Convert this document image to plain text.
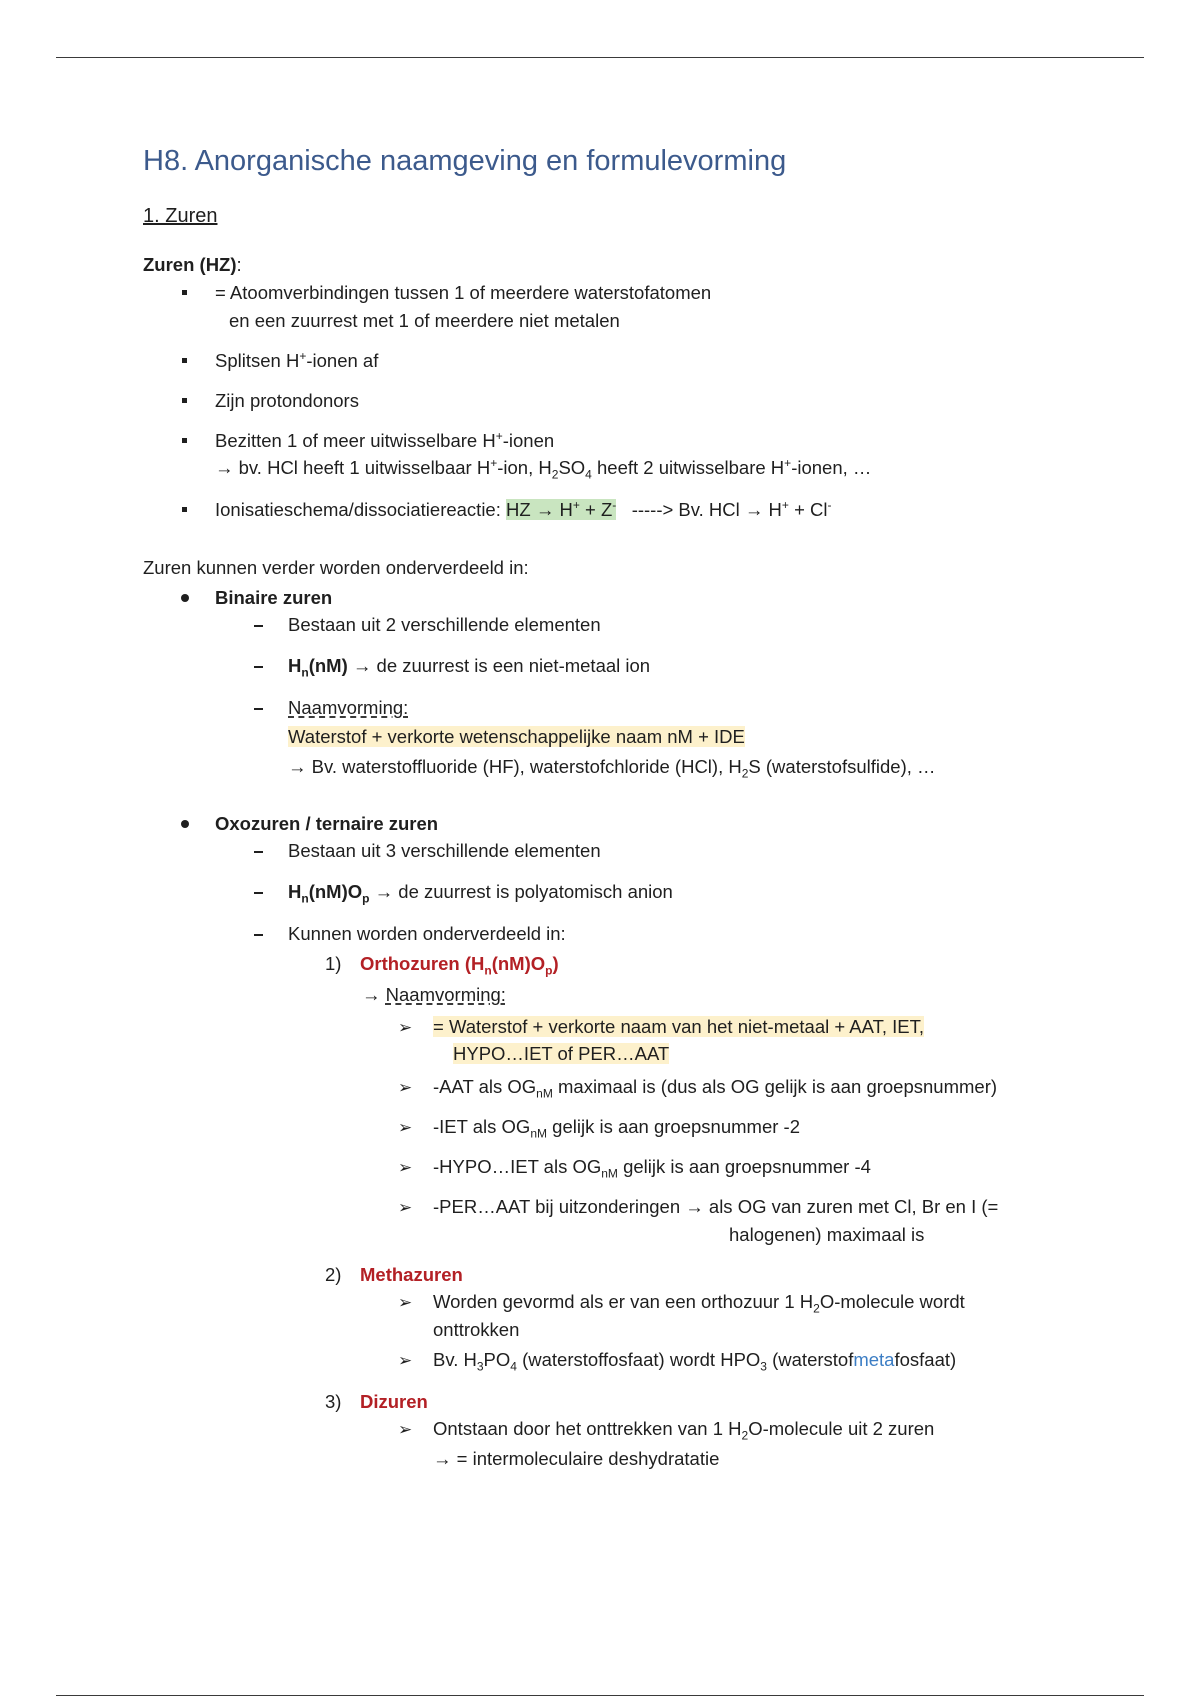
H8. Anorganische naamgeving en formulevorming
1. Zuren
Zuren (HZ):
= Atoomverbindingen tussen 1 of meerdere waterstofatomen
en een zuurrest met 1 of meerdere niet metalen
Splitsen H+-ionen af
Zijn protondonors
Bezitten 1 of meer uitwisselbare H+-ionen
→ bv. HCl heeft 1 uitwisselbaar H+-ion, $H_2SO_4$ heeft 2 uitwisselbare H+-ionen, …
Ionisatieschema/dissociatiereactie: HZ → H+ + Z- -----> Bv. HCl → H+ + Cl-
Zuren kunnen verder worden onderverdeeld in:
Binaire zuren
Bestaan uit 2 verschillende elementen
$H_n(nM)$ → de zuurrest is een niet-metaal ion
Naamvorming:
Waterstof + verkorte wetenschappelijke naam nM + IDE
→ Bv. waterstoffluoride (HF), waterstofchloride (HCl), $H_2S$ (waterstofsulfide), …
Oxozuren / ternaire zuren
Bestaan uit 3 verschillende elementen
$H_n(nM)O_p$ → de zuurrest is polyatomisch anion
Kunnen worden onderverdeeld in:
1) Orthozuren $(H_n(nM)O_p)$
→ Naamvorming:
➢ = Waterstof + verkorte naam van het niet-metaal + AAT, IET,
HYPO…IET of PER…AAT
➢ -AAT als $OG_{nM}$ maximaal is (dus als OG gelijk is aan groepsnummer)
➢ -IET als $OG_{nM}$ gelijk is aan groepsnummer -2
➢ -HYPO…IET als $OG_{nM}$ gelijk is aan groepsnummer -4
➢ -PER…AAT bij uitzonderingen → als OG van zuren met Cl, Br en I (=
halogenen) maximaal is
2) Methazuren
➢ Worden gevormd als er van een orthozuur 1 $H_2O$-molecule wordt
onttrokken
➢ Bv. $H_3PO_4$ (waterstoffosfaat) wordt $HPO_3$ (waterstofmetafosfaat)
3) Dizuren
➢ Ontstaan door het onttrekken van 1 $H_2O$-molecule uit 2 zuren
→ = intermoleculaire deshydratatie
